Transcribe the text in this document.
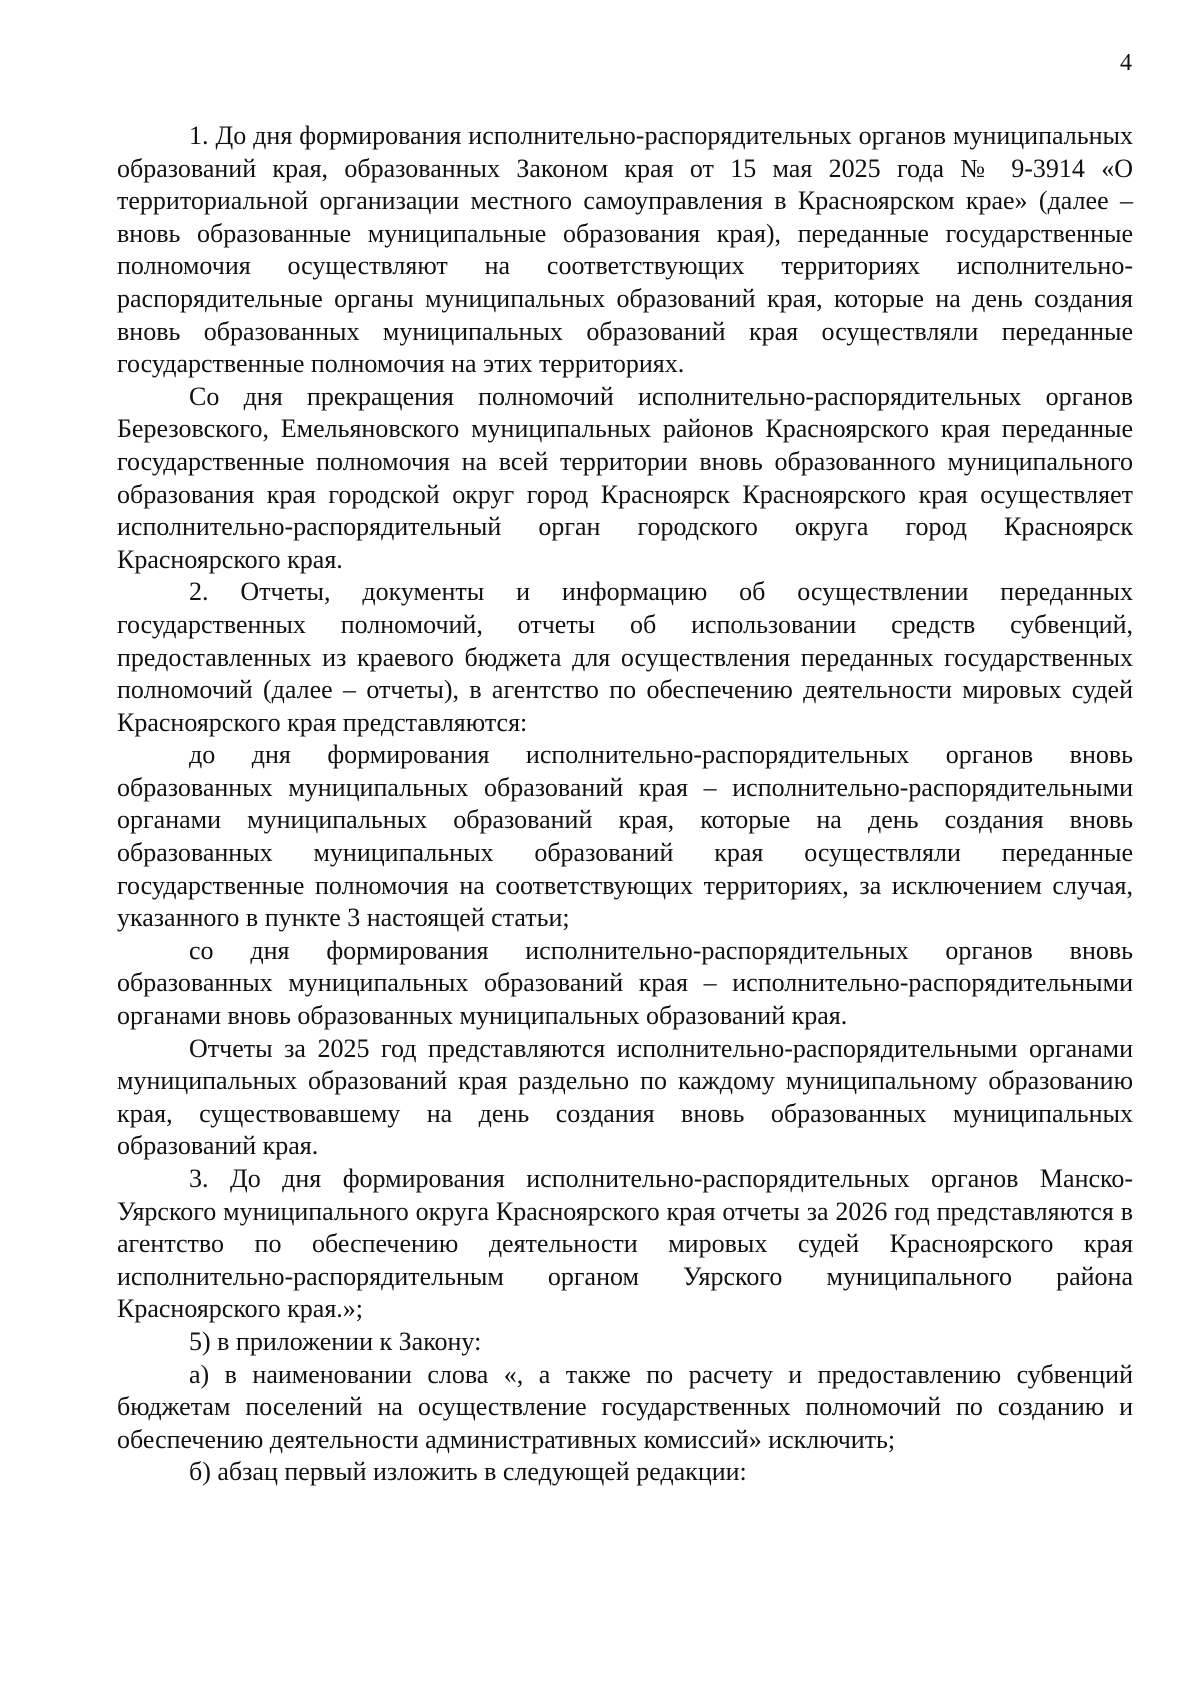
4

1. До дня формирования исполнительно-распорядительных органов муниципальных образований края, образованных Законом края от 15 мая 2025 года № 9-3914 «О территориальной организации местного самоуправления в Красноярском крае» (далее – вновь образованные муниципальные образования края), переданные государственные полномочия осуществляют на соответствующих территориях исполнительно-распорядительные органы муниципальных образований края, которые на день создания вновь образованных муниципальных образований края осуществляли переданные государственные полномочия на этих территориях.

Со дня прекращения полномочий исполнительно-распорядительных органов Березовского, Емельяновского муниципальных районов Красноярского края переданные государственные полномочия на всей территории вновь образованного муниципального образования края городской округ город Красноярск Красноярского края осуществляет исполнительно-распорядительный орган городского округа город Красноярск Красноярского края.

2. Отчеты, документы и информацию об осуществлении переданных государственных полномочий, отчеты об использовании средств субвенций, предоставленных из краевого бюджета для осуществления переданных государственных полномочий (далее – отчеты), в агентство по обеспечению деятельности мировых судей Красноярского края представляются:

до дня формирования исполнительно-распорядительных органов вновь образованных муниципальных образований края – исполнительно-распорядительными органами муниципальных образований края, которые на день создания вновь образованных муниципальных образований края осуществляли переданные государственные полномочия на соответствующих территориях, за исключением случая, указанного в пункте 3 настоящей статьи;

со дня формирования исполнительно-распорядительных органов вновь образованных муниципальных образований края – исполнительно-распорядительными органами вновь образованных муниципальных образований края.

Отчеты за 2025 год представляются исполнительно-распорядительными органами муниципальных образований края раздельно по каждому муниципальному образованию края, существовавшему на день создания вновь образованных муниципальных образований края.

3. До дня формирования исполнительно-распорядительных органов Манско-Уярского муниципального округа Красноярского края отчеты за 2026 год представляются в агентство по обеспечению деятельности мировых судей Красноярского края исполнительно-распорядительным органом Уярского муниципального района Красноярского края.»;

5) в приложении к Закону:

а) в наименовании слова «, а также по расчету и предоставлению субвенций бюджетам поселений на осуществление государственных полномочий по созданию и обеспечению деятельности административных комиссий» исключить;

б) абзац первый изложить в следующей редакции:
